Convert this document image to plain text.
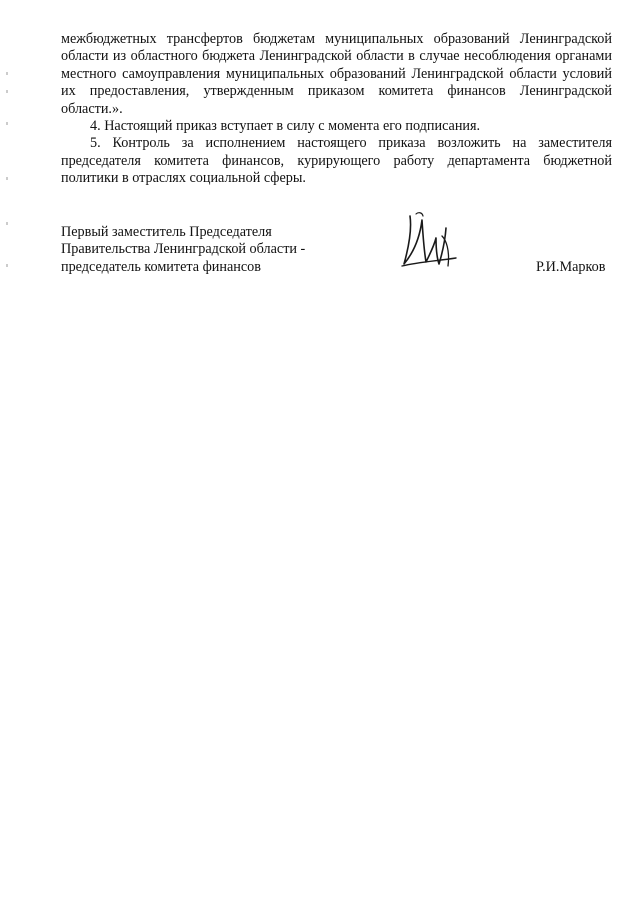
межбюджетных трансфертов бюджетам муниципальных образований Ленинградской области из областного бюджета Ленинградской области в случае несоблюдения органами местного самоуправления муниципальных образований Ленинградской области условий их предоставления, утвержденным приказом комитета финансов Ленинградской области.».

4. Настоящий приказ вступает в силу с момента его подписания.

5. Контроль за исполнением настоящего приказа возложить на заместителя председателя комитета финансов, курирующего работу департамента бюджетной политики в отраслях социальной сферы.

Первый заместитель Председателя
Правительства Ленинградской области -
председатель комитета финансов	Р.И.Марков
